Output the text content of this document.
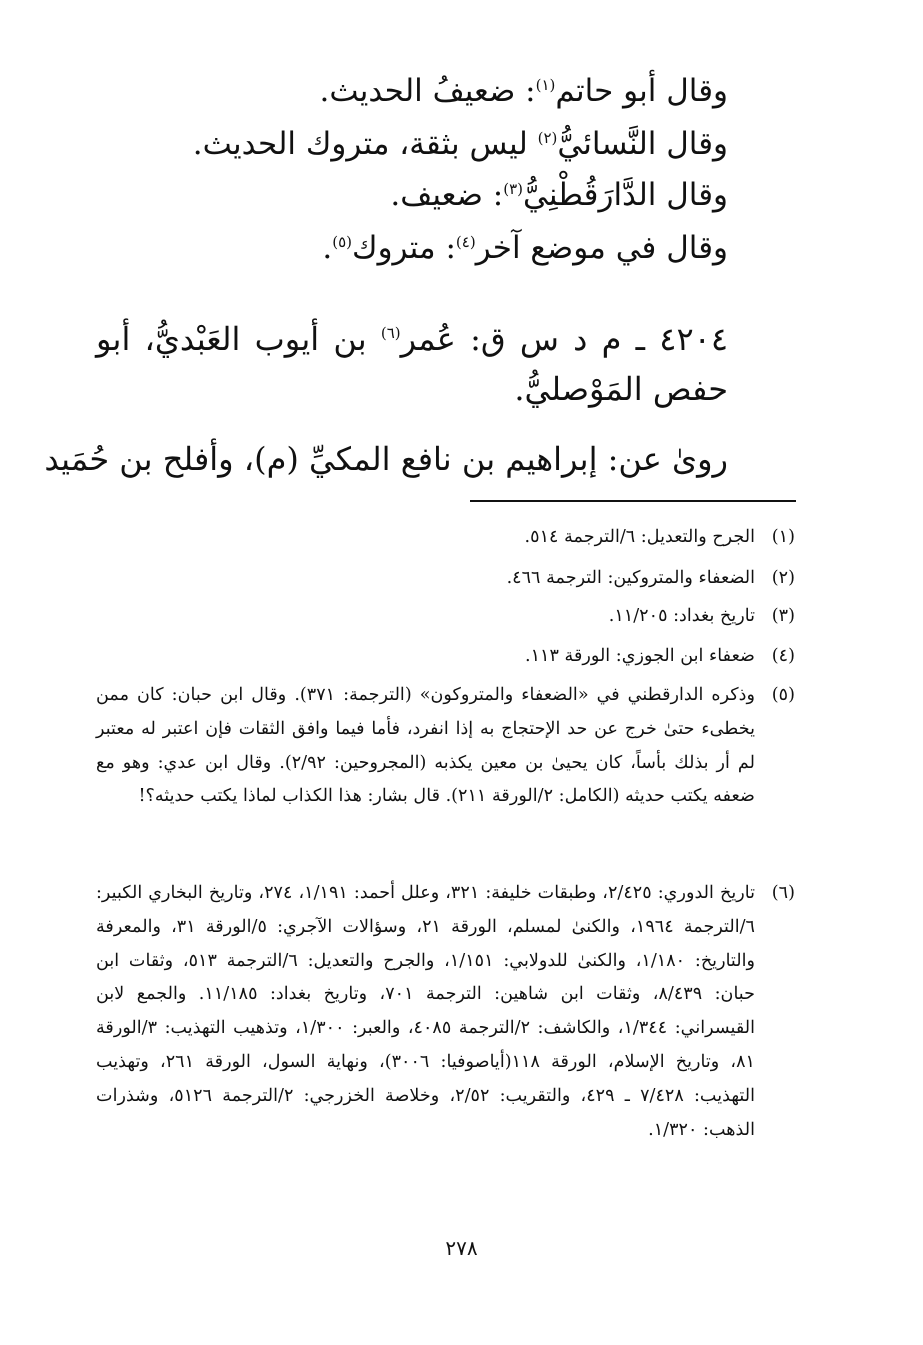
وقال أبو حاتم$^{(١)}$: ضعيفُ الحديث.
وقال النَّسائيُّ$^{(٢)}$ ليس بثقة، متروك الحديث.
وقال الدَّارَقُطْنِيُّ$^{(٣)}$: ضعيف.
وقال في موضع آخر$^{(٤)}$: متروك$^{(٥)}$.
٤٢٠٤ ـ م د س ق: عُمر$^{(٦)}$ بن أيوب العَبْديُّ، أبو حفص المَوْصليُّ.
روىٰ عن: إبراهيم بن نافع المكيِّ (م)، وأفلح بن حُمَيد
(١)
الجرح والتعديل: ٦/الترجمة ٥١٤.
(٢)
الضعفاء والمتروكين: الترجمة ٤٦٦.
(٣)
تاريخ بغداد: ١١/٢٠٥.
(٤)
ضعفاء ابن الجوزي: الورقة ١١٣.
(٥)
وذكره الدارقطني في «الضعفاء والمتروكون» (الترجمة: ٣٧١). وقال ابن حبان: كان ممن يخطىء حتىٰ خرج عن حد الإحتجاج به إذا انفرد، فأما فيما وافق الثقات فإن اعتبر له معتبر لم أر بذلك بأساً، كان يحيىٰ بن معين يكذبه (المجروحين: ٢/٩٢). وقال ابن عدي: وهو مع ضعفه يكتب حديثه (الكامل: ٢/الورقة ٢١١). قال بشار: هذا الكذاب لماذا يكتب حديثه؟!
(٦)
تاريخ الدوري: ٢/٤٢٥، وطبقات خليفة: ٣٢١، وعلل أحمد: ١/١٩١، ٢٧٤، وتاريخ البخاري الكبير: ٦/الترجمة ١٩٦٤، والكنىٰ لمسلم، الورقة ٢١، وسؤالات الآجري: ٥/الورقة ٣١، والمعرفة والتاريخ: ١/١٨٠، والكنىٰ للدولابي: ١/١٥١، والجرح والتعديل: ٦/الترجمة ٥١٣، وثقات ابن حبان: ٨/٤٣٩، وثقات ابن شاهين: الترجمة ٧٠١، وتاريخ بغداد: ١١/١٨٥. والجمع لابن القيسراني: ١/٣٤٤، والكاشف: ٢/الترجمة ٤٠٨٥، والعبر: ١/٣٠٠، وتذهيب التهذيب: ٣/الورقة ٨١، وتاريخ الإسلام، الورقة ١١٨(أياصوفيا: ٣٠٠٦)، ونهاية السول، الورقة ٢٦١، وتهذيب التهذيب: ٧/٤٢٨ ـ ٤٢٩، والتقريب: ٢/٥٢، وخلاصة الخزرجي: ٢/الترجمة ٥١٢٦، وشذرات الذهب: ١/٣٢٠.
٢٧٨
